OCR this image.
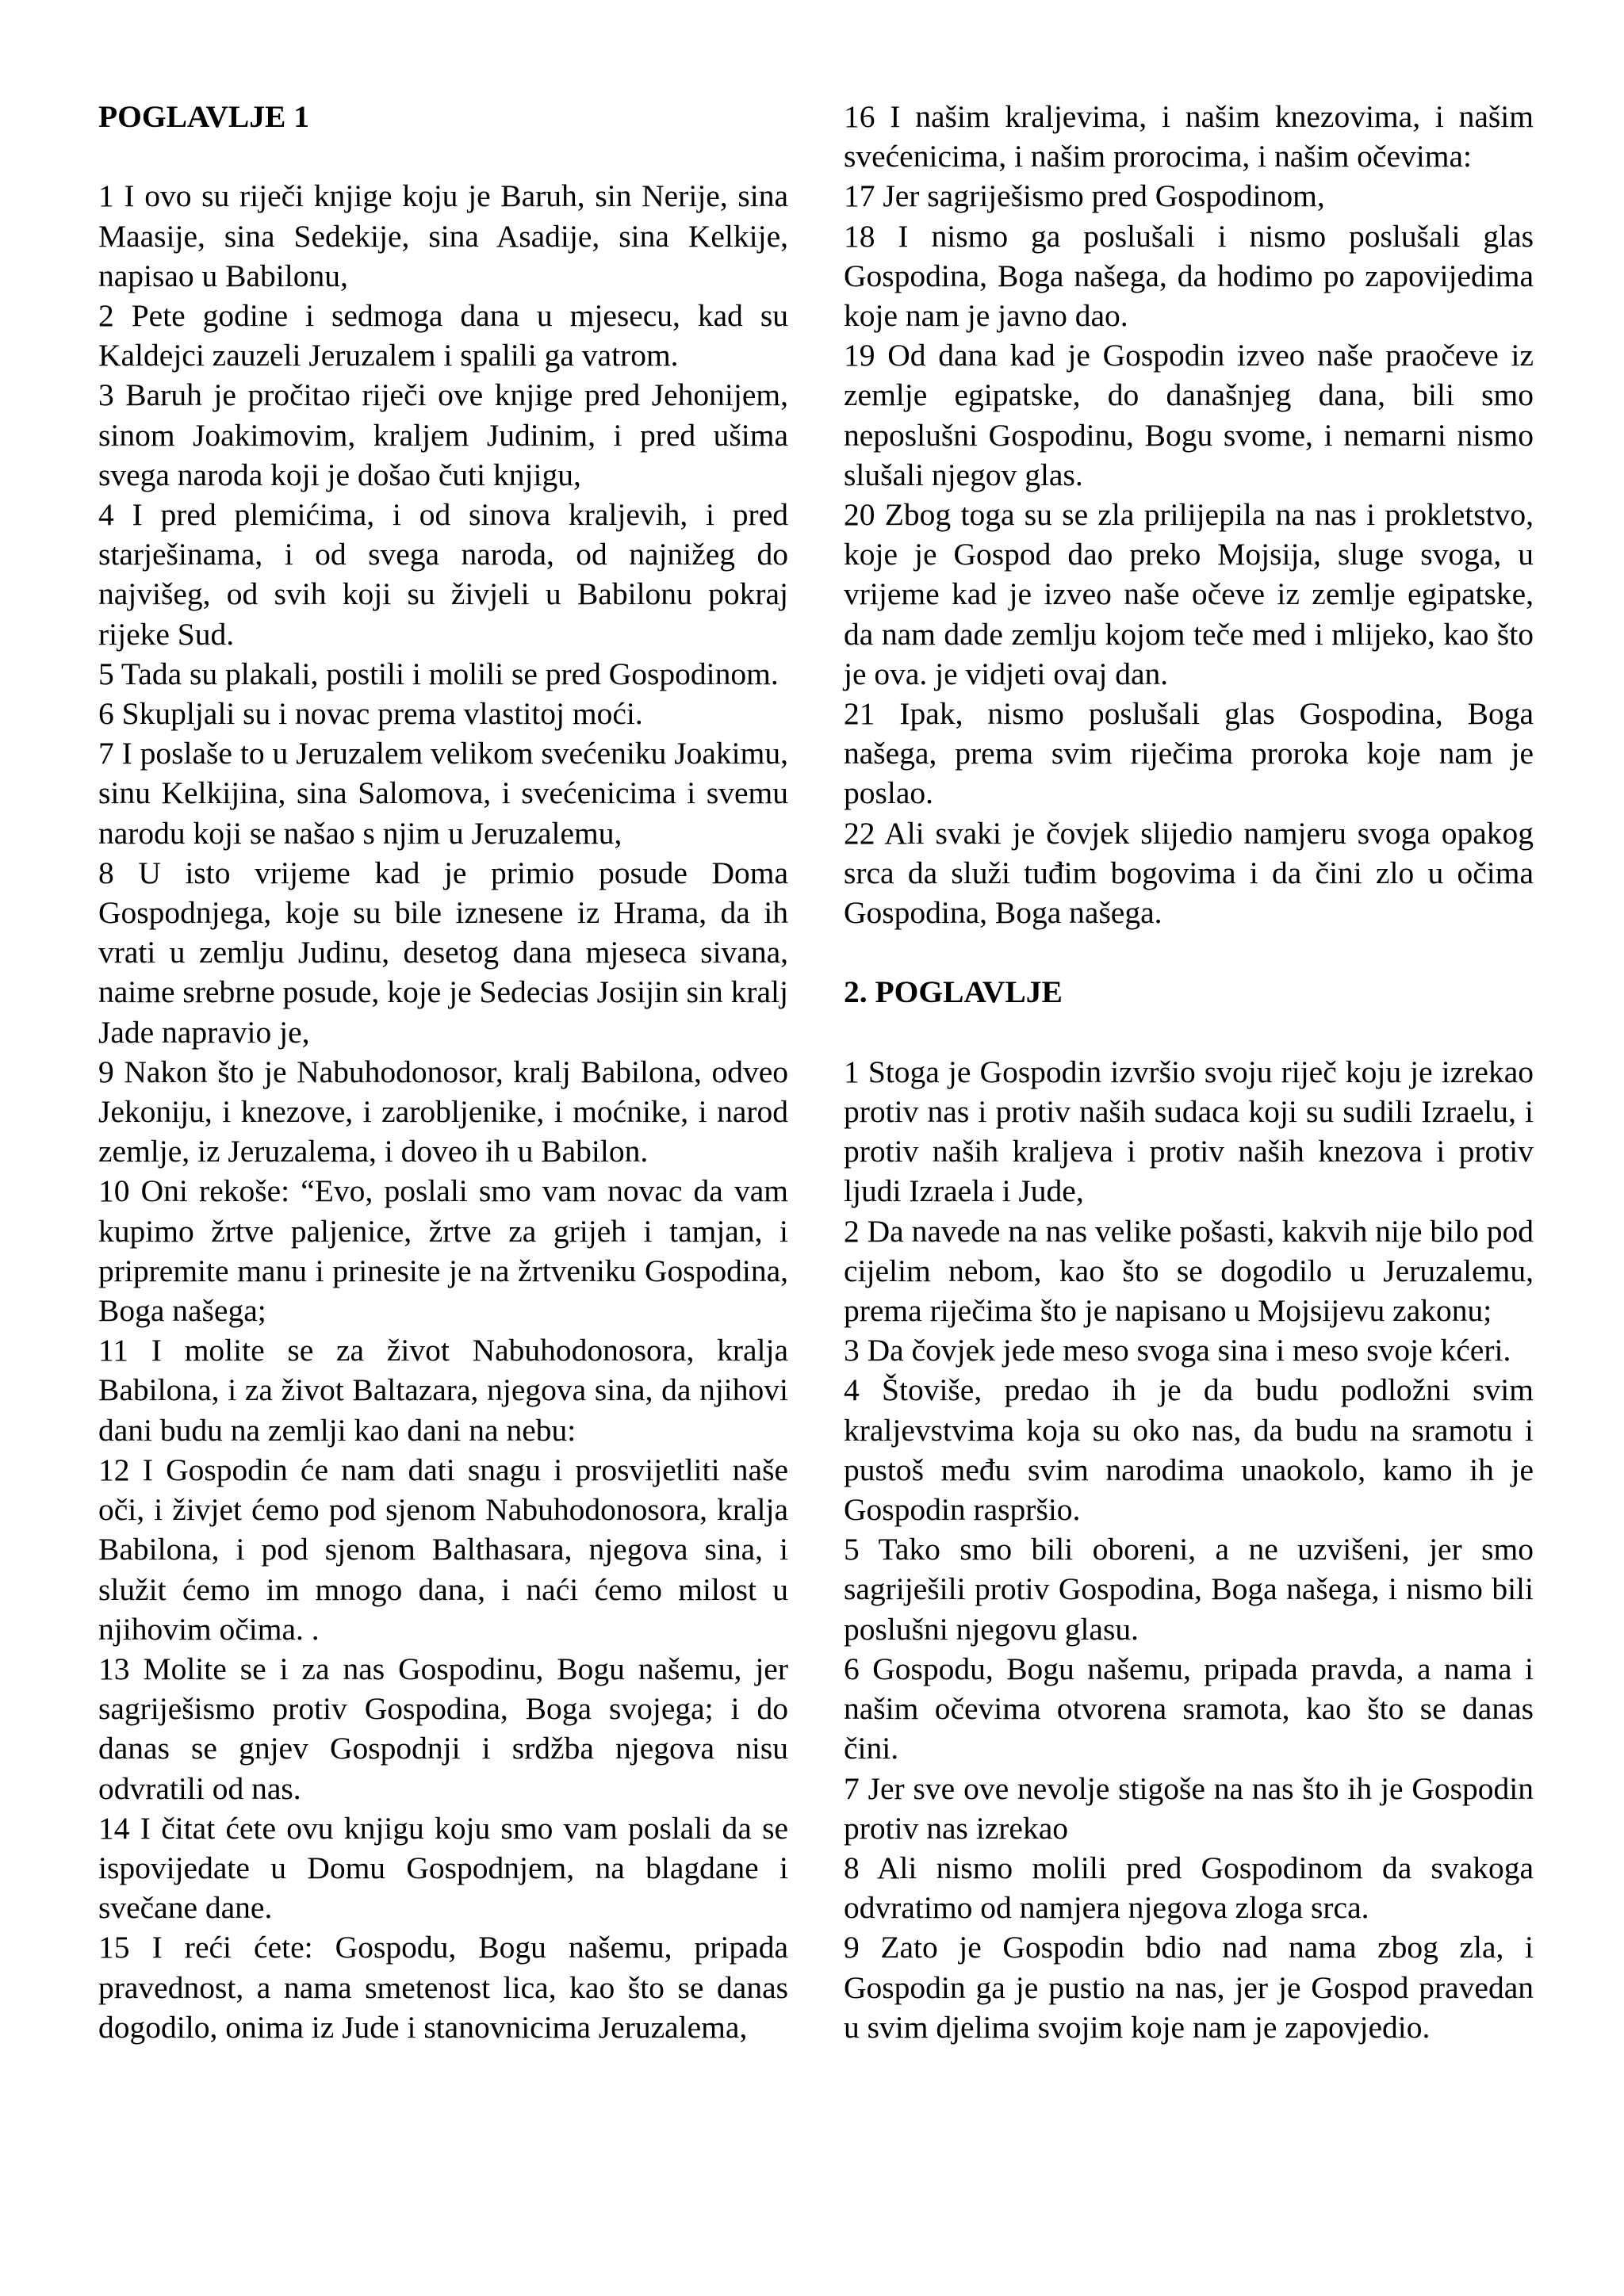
POGLAVLJE 1

1 I ovo su riječi knjige koju je Baruh, sin Nerije, sina Maasije, sina Sedekije, sina Asadije, sina Kelkije, napisao u Babilonu,

2 Pete godine i sedmoga dana u mjesecu, kad su Kaldejci zauzeli Jeruzalem i spalili ga vatrom.

3 Baruh je pročitao riječi ove knjige pred Jehonijem, sinom Joakimovim, kraljem Judinim, i pred ušima svega naroda koji je došao čuti knjigu,

4 I pred plemićima, i od sinova kraljevih, i pred starješinama, i od svega naroda, od najnižeg do najvišeg, od svih koji su živjeli u Babilonu pokraj rijeke Sud.

5 Tada su plakali, postili i molili se pred Gospodinom.

6 Skupljali su i novac prema vlastitoj moći.

7 I poslaše to u Jeruzalem velikom svećeniku Joakimu, sinu Kelkijina, sina Salomova, i svećenicima i svemu narodu koji se našao s njim u Jeruzalemu,

8 U isto vrijeme kad je primio posude Doma Gospodnjega, koje su bile iznesene iz Hrama, da ih vrati u zemlju Judinu, desetog dana mjeseca sivana, naime srebrne posude, koje je Sedecias Josijin sin kralj Jade napravio je,

9 Nakon što je Nabuhodonosor, kralj Babilona, odveo Jekoniju, i knezove, i zarobljenike, i moćnike, i narod zemlje, iz Jeruzalema, i doveo ih u Babilon.

10 Oni rekoše: “Evo, poslali smo vam novac da vam kupimo žrtve paljenice, žrtve za grijeh i tamjan, i pripremite manu i prinesite je na žrtveniku Gospodina, Boga našega;

11 I molite se za život Nabuhodonosora, kralja Babilona, i za život Baltazara, njegova sina, da njihovi dani budu na zemlji kao dani na nebu:

12 I Gospodin će nam dati snagu i prosvijetliti naše oči, i živjet ćemo pod sjenom Nabuhodonosora, kralja Babilona, i pod sjenom Balthasara, njegova sina, i služit ćemo im mnogo dana, i naći ćemo milost u njihovim očima. .

13 Molite se i za nas Gospodinu, Bogu našemu, jer sagriješismo protiv Gospodina, Boga svojega; i do danas se gnjev Gospodnji i srdžba njegova nisu odvratili od nas.

14 I čitat ćete ovu knjigu koju smo vam poslali da se ispovijedate u Domu Gospodnjem, na blagdane i svečane dane.

15 I reći ćete: Gospodu, Bogu našemu, pripada pravednost, a nama smetenost lica, kao što se danas dogodilo, onima iz Jude i stanovnicima Jeruzalema,

16 I našim kraljevima, i našim knezovima, i našim svećenicima, i našim prorocima, i našim očevima:

17 Jer sagriješismo pred Gospodinom,

18 I nismo ga poslušali i nismo poslušali glas Gospodina, Boga našega, da hodimo po zapovijedima koje nam je javno dao.

19 Od dana kad je Gospodin izveo naše praočeve iz zemlje egipatske, do današnjeg dana, bili smo neposlušni Gospodinu, Bogu svome, i nemarni nismo slušali njegov glas.

20 Zbog toga su se zla prilijepila na nas i prokletstvo, koje je Gospod dao preko Mojsija, sluge svoga, u vrijeme kad je izveo naše očeve iz zemlje egipatske, da nam dade zemlju kojom teče med i mlijeko, kao što je ova. je vidjeti ovaj dan.

21 Ipak, nismo poslušali glas Gospodina, Boga našega, prema svim riječima proroka koje nam je poslao.

22 Ali svaki je čovjek slijedio namjeru svoga opakog srca da služi tuđim bogovima i da čini zlo u očima Gospodina, Boga našega.

2. POGLAVLJE

1 Stoga je Gospodin izvršio svoju riječ koju je izrekao protiv nas i protiv naših sudaca koji su sudili Izraelu, i protiv naših kraljeva i protiv naših knezova i protiv ljudi Izraela i Jude,

2 Da navede na nas velike pošasti, kakvih nije bilo pod cijelim nebom, kao što se dogodilo u Jeruzalemu, prema riječima što je napisano u Mojsijevu zakonu;

3 Da čovjek jede meso svoga sina i meso svoje kćeri.

4 Štoviše, predao ih je da budu podložni svim kraljevstvima koja su oko nas, da budu na sramotu i pustoš među svim narodima unaokolo, kamo ih je Gospodin raspršio.

5 Tako smo bili oboreni, a ne uzvišeni, jer smo sagriješili protiv Gospodina, Boga našega, i nismo bili poslušni njegovu glasu.

6 Gospodu, Bogu našemu, pripada pravda, a nama i našim očevima otvorena sramota, kao što se danas čini.

7 Jer sve ove nevolje stigoše na nas što ih je Gospodin protiv nas izrekao

8 Ali nismo molili pred Gospodinom da svakoga odvratimo od namjera njegova zloga srca.

9 Zato je Gospodin bdio nad nama zbog zla, i Gospodin ga je pustio na nas, jer je Gospod pravedan u svim djelima svojim koje nam je zapovjedio.
